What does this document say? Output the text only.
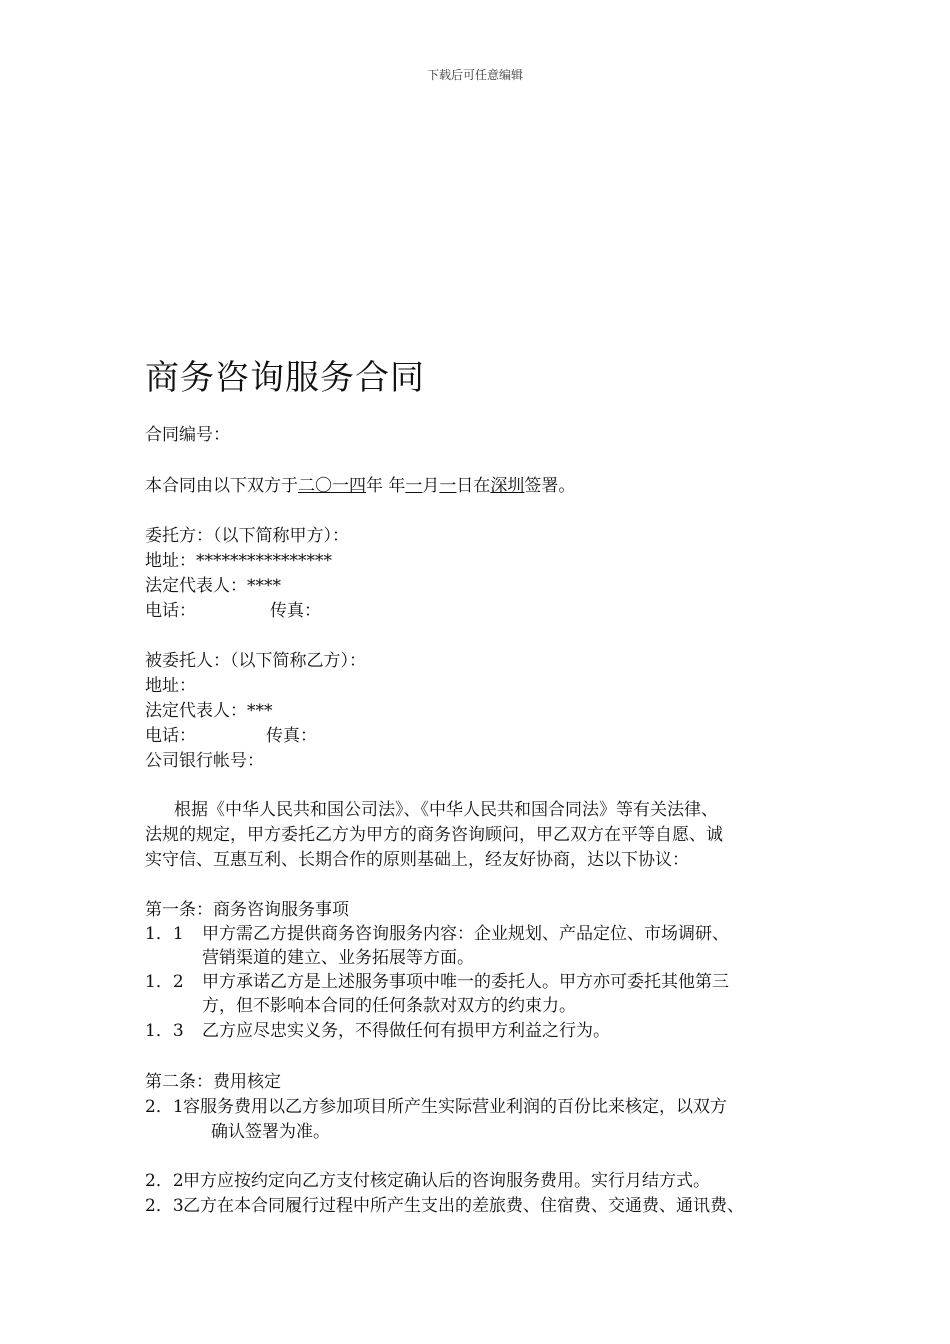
下载后可任意编辑
商务咨询服务合同
合同编号：
本合同由以下双方于二〇一四年 年一月一日在深圳签署。
委托方：（以下简称甲方）：
地址：****************
法定代表人：****
电话：	传真：
被委托人：（以下简称乙方）：
地址：
法定代表人：***
电话：	传真：
公司银行帐号：
根据《中华人民共和国公司法》、《中华人民共和国合同法》等有关法律、
法规的规定，甲方委托乙方为甲方的商务咨询顾问，甲乙双方在平等自愿、诚
实守信、互惠互利、长期合作的原则基础上，经友好协商，达以下协议：
第一条：商务咨询服务事项
1．1 甲方需乙方提供商务咨询服务内容：企业规划、产品定位、市场调研、
营销渠道的建立、业务拓展等方面。
1．2 甲方承诺乙方是上述服务事项中唯一的委托人。甲方亦可委托其他第三
方，但不影响本合同的任何条款对双方的约束力。
1．3 乙方应尽忠实义务，不得做任何有损甲方利益之行为。
第二条：费用核定
2．1容服务费用以乙方参加项目所产生实际营业利润的百份比来核定，以双方
确认签署为准。
2．2甲方应按约定向乙方支付核定确认后的咨询服务费用。实行月结方式。
2．3乙方在本合同履行过程中所产生支出的差旅费、住宿费、交通费、通讯费、
